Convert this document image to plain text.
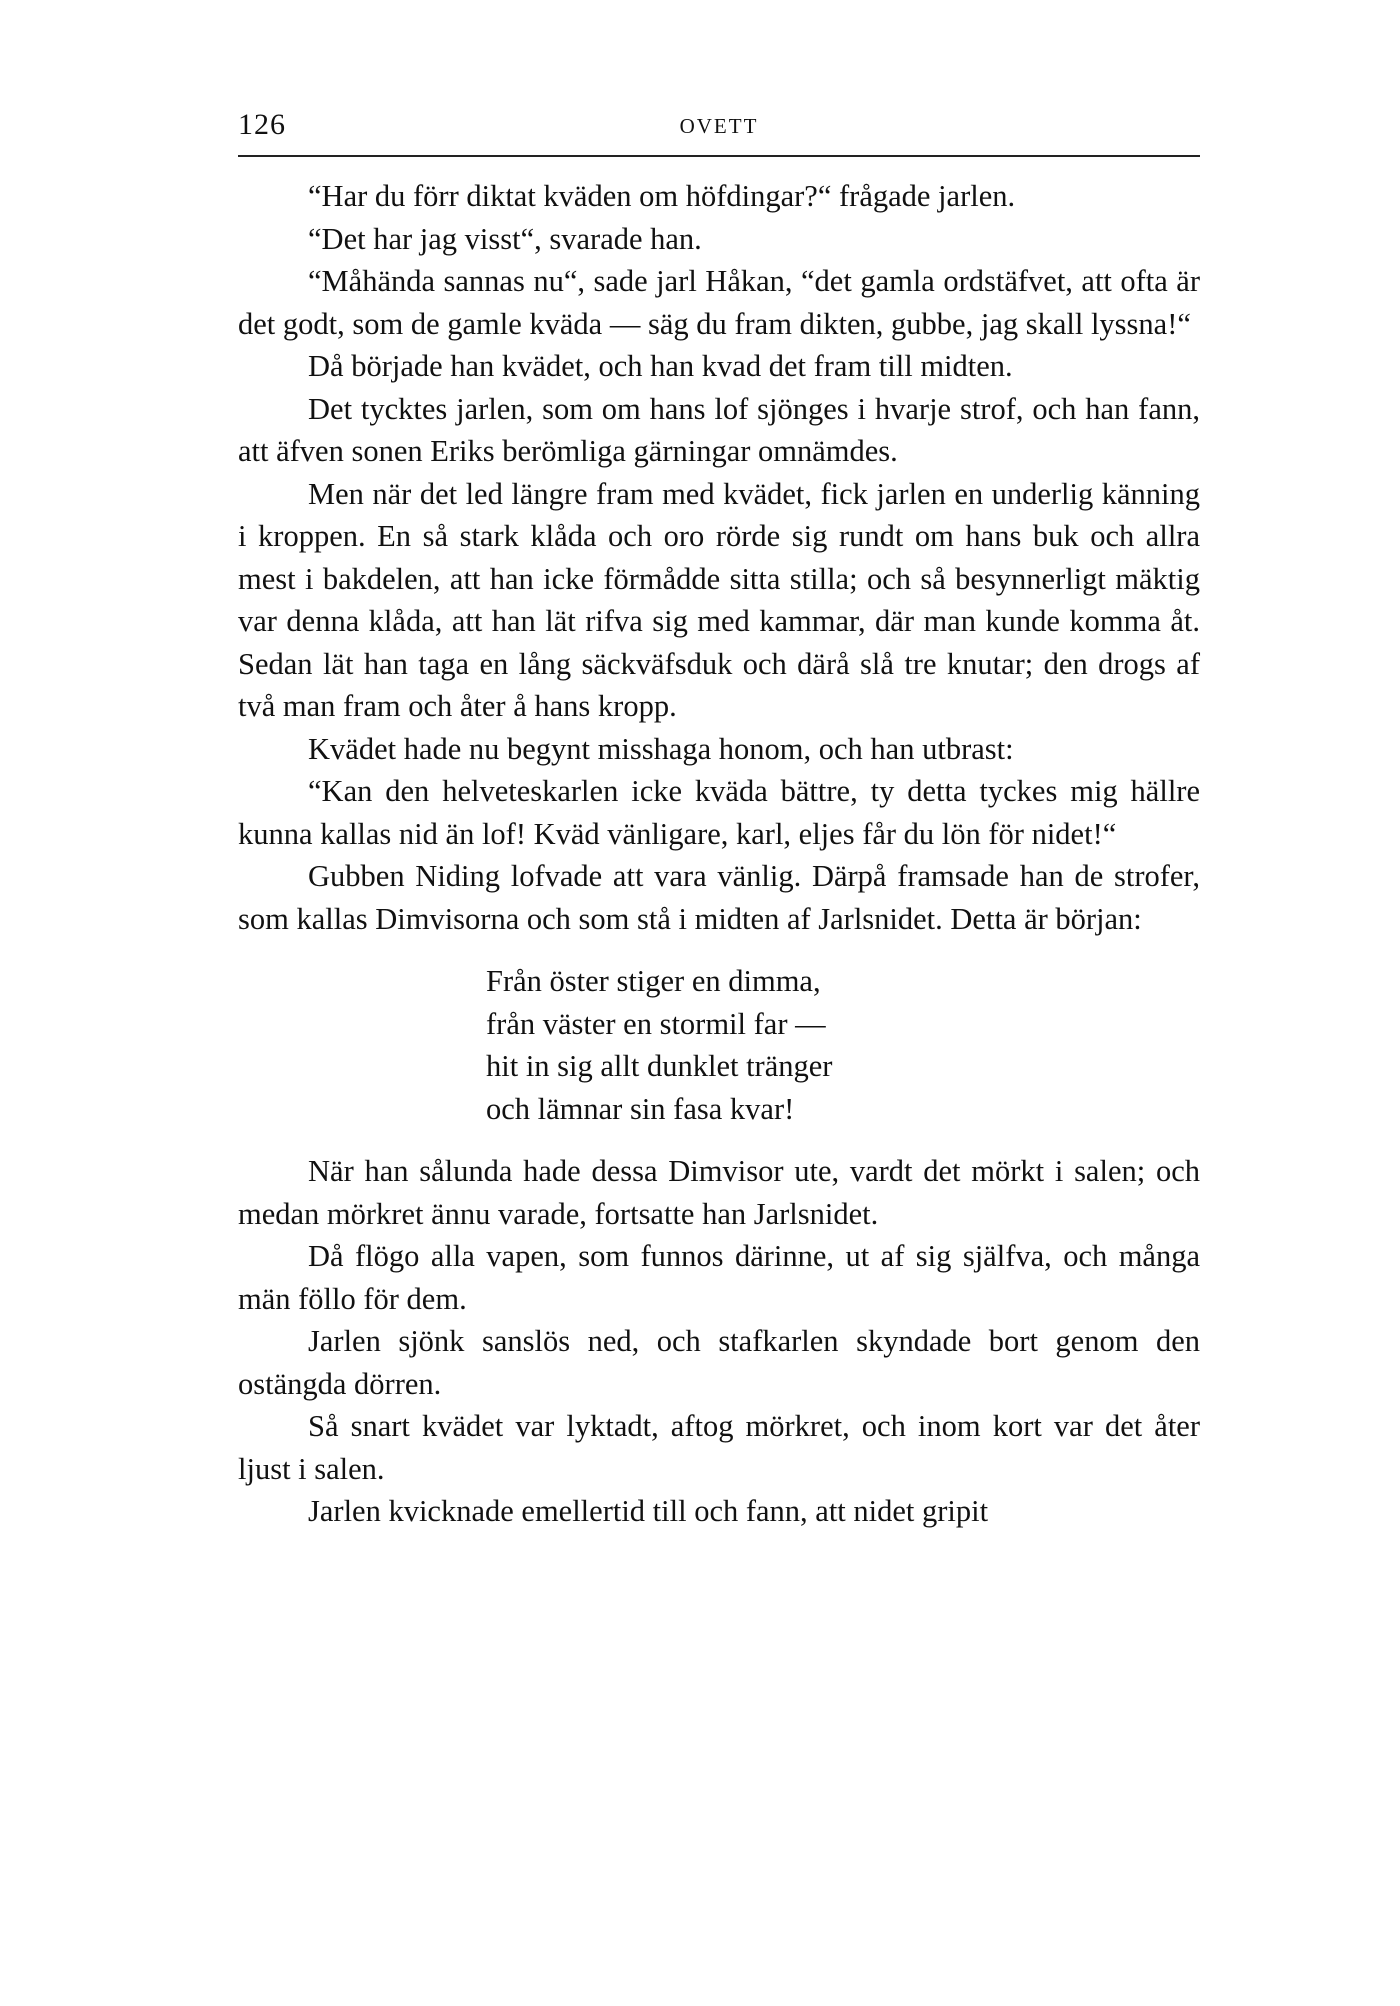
126	OVETT

“Har du förr diktat kväden om höfdingar?“ frågade jarlen.

“Det har jag visst“, svarade han.

“Måhända sannas nu“, sade jarl Håkan, “det gamla ordstäfvet, att ofta är det godt, som de gamle kväda — säg du fram dikten, gubbe, jag skall lyssna!“

Då började han kvädet, och han kvad det fram till midten.

Det tycktes jarlen, som om hans lof sjönges i hvarje strof, och han fann, att äfven sonen Eriks berömliga gärningar omnämdes.

Men när det led längre fram med kvädet, fick jarlen en underlig känning i kroppen. En så stark klåda och oro rörde sig rundt om hans buk och allra mest i bakdelen, att han icke förmådde sitta stilla; och så besynnerligt mäktig var denna klåda, att han lät rifva sig med kammar, där man kunde komma åt. Sedan lät han taga en lång säckväfsduk och därå slå tre knutar; den drogs af två man fram och åter å hans kropp.

Kvädet hade nu begynt misshaga honom, och han utbrast:

“Kan den helveteskarlen icke kväda bättre, ty detta tyckes mig hällre kunna kallas nid än lof! Kväd vänligare, karl, eljes får du lön för nidet!“

Gubben Niding lofvade att vara vänlig. Därpå framsade han de strofer, som kallas Dimvisorna och som stå i midten af Jarlsnidet. Detta är början:

Från öster stiger en dimma,
från väster en stormil far —
hit in sig allt dunklet tränger
och lämnar sin fasa kvar!

När han sålunda hade dessa Dimvisor ute, vardt det mörkt i salen; och medan mörkret ännu varade, fortsatte han Jarlsnidet.

Då flögo alla vapen, som funnos därinne, ut af sig själfva, och många män föllo för dem.

Jarlen sjönk sanslös ned, och stafkarlen skyndade bort genom den ostängda dörren.

Så snart kvädet var lyktadt, aftog mörkret, och inom kort var det åter ljust i salen.

Jarlen kvicknade emellertid till och fann, att nidet gripit
